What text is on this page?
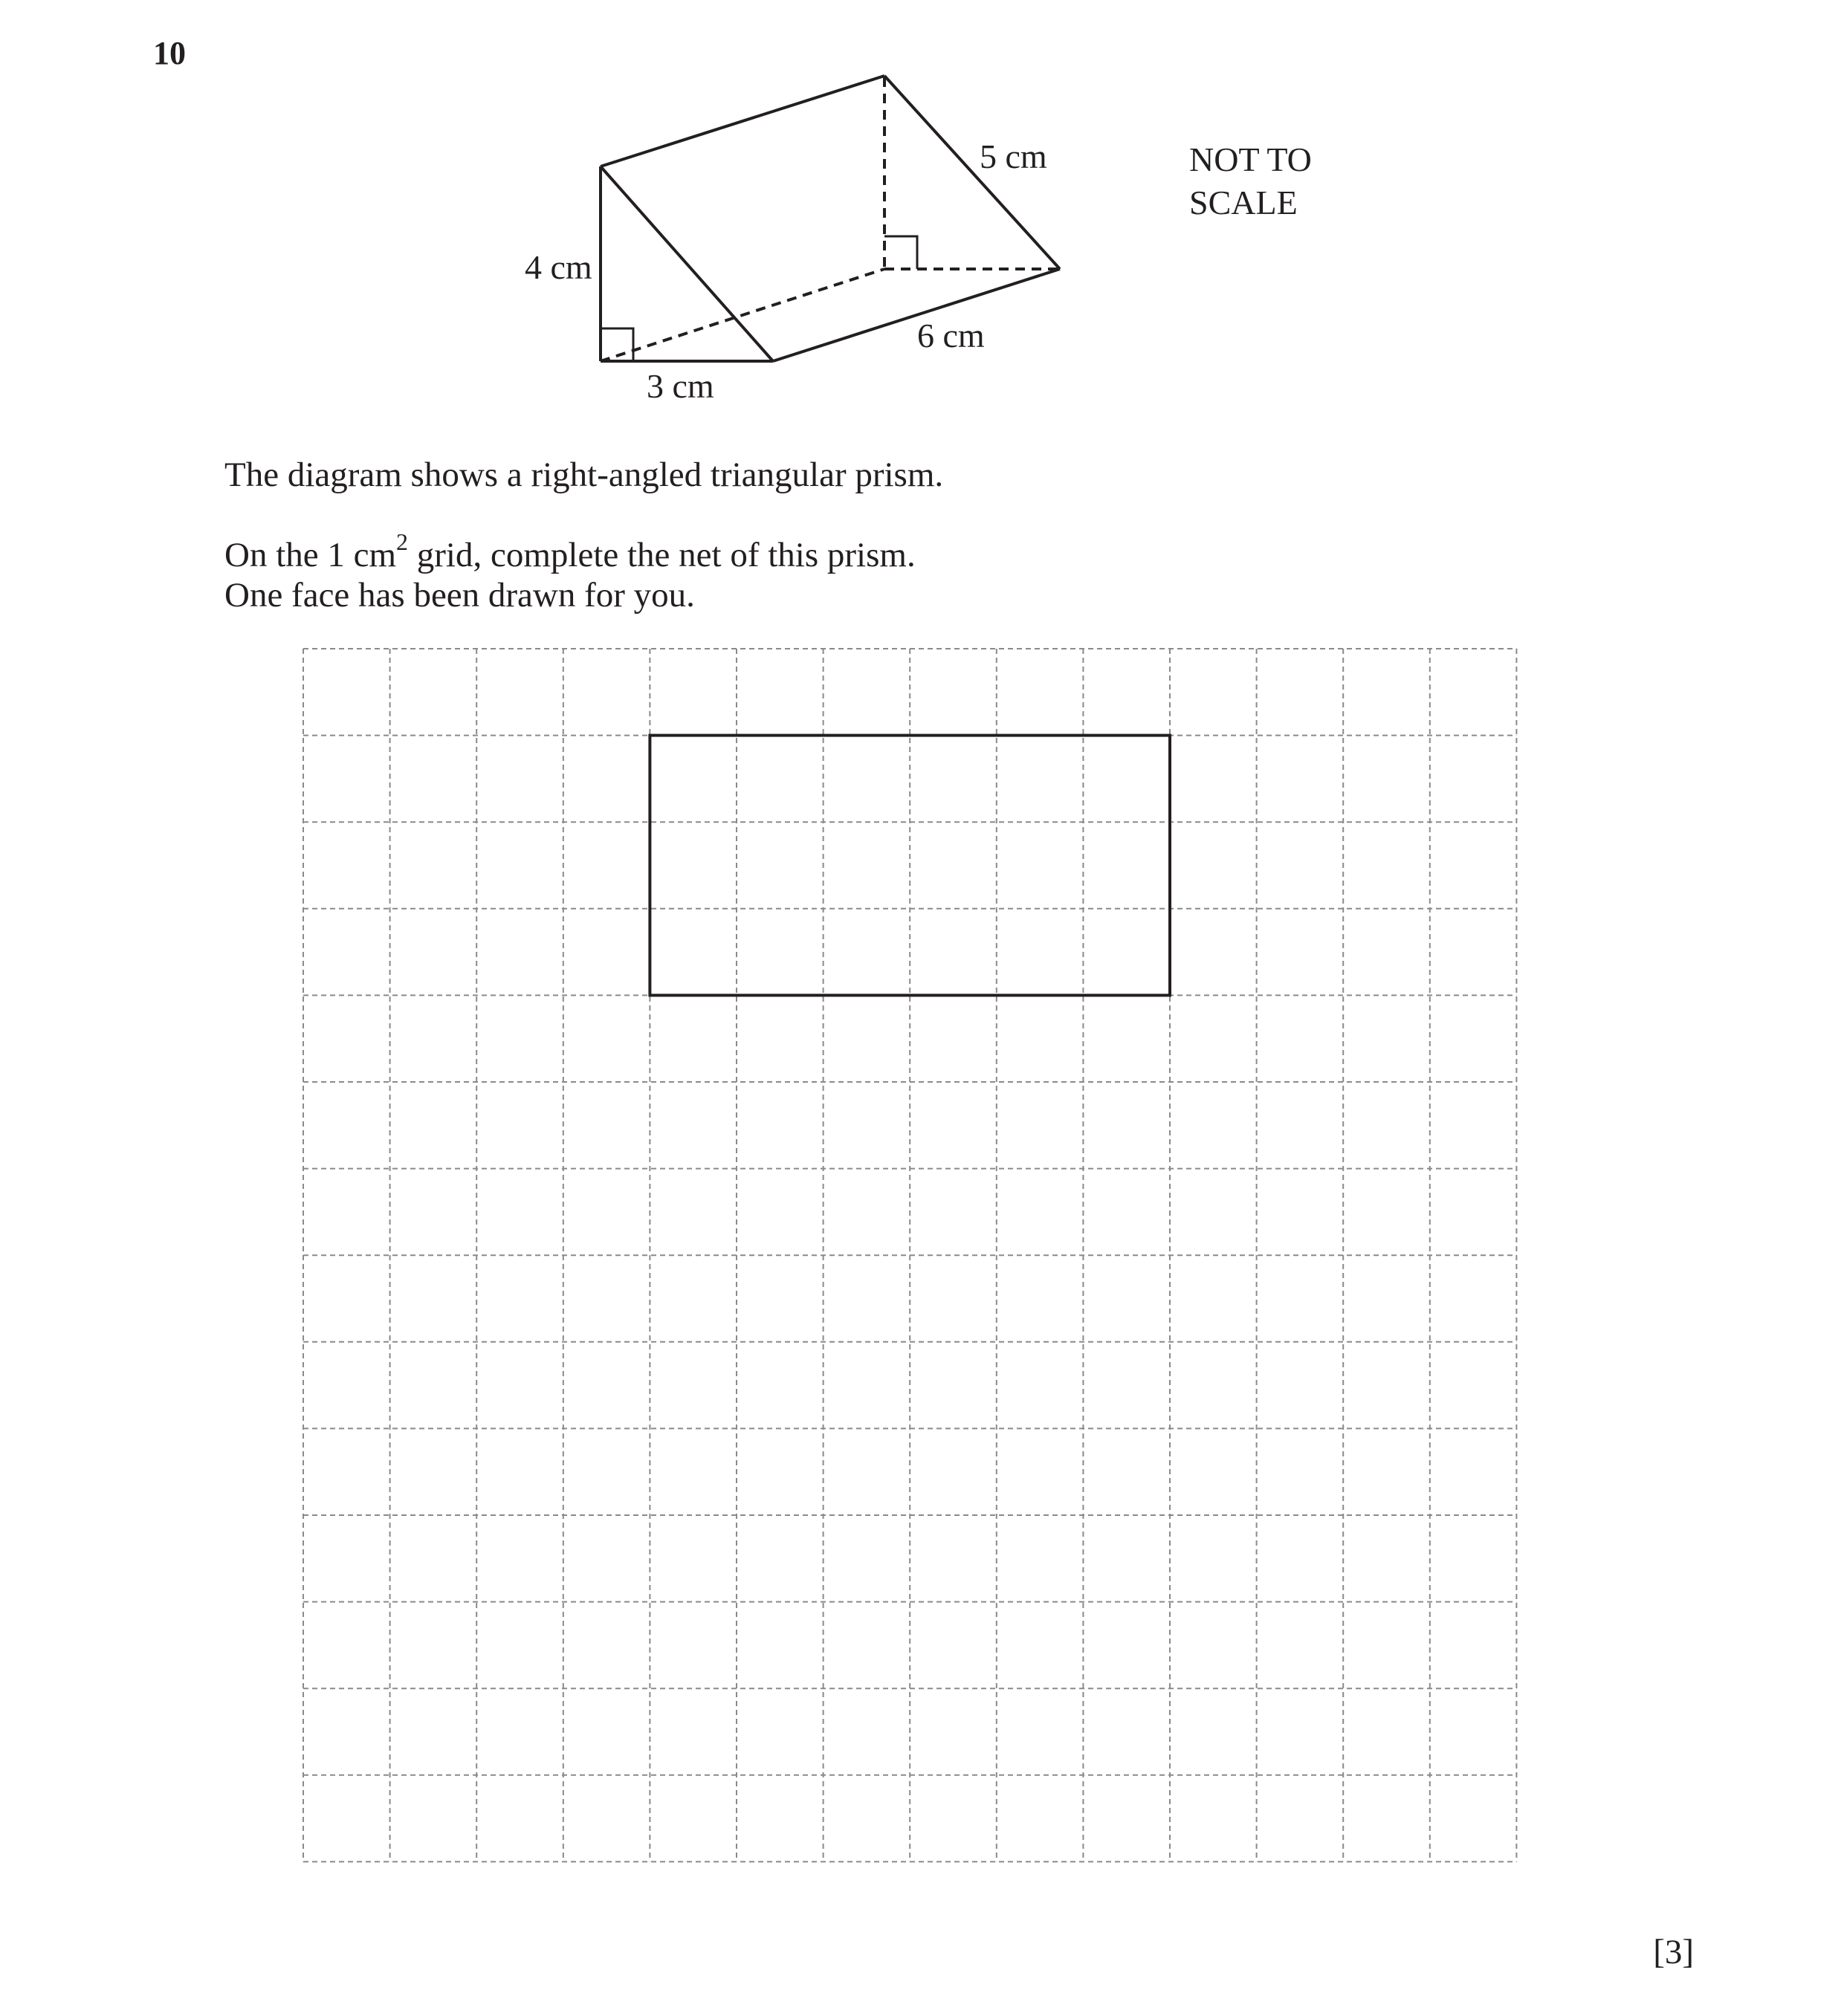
10
4 cm
3 cm
5 cm
6 cm
NOT TO
SCALE
The diagram shows a right-angled triangular prism.
On the 1 $cm^2$ grid, complete the net of this prism.
One face has been drawn for you.
[3]
